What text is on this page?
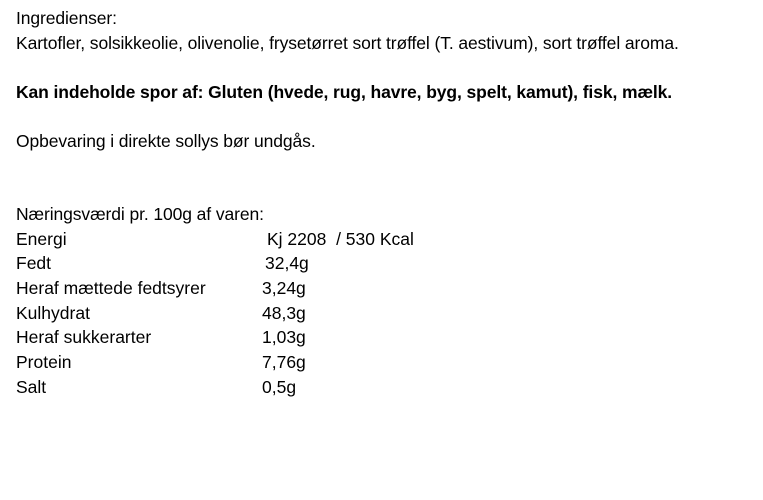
Ingredienser:
Kartofler, solsikkeolie, olivenolie, frysetørret sort trøffel (T. aestivum), sort trøffel aroma.
Kan indeholde spor af: Gluten (hvede, rug, havre, byg, spelt, kamut), fisk, mælk.
Opbevaring i direkte sollys bør undgås.
Næringsværdi pr. 100g af varen:
Energi	Kj 2208  / 530 Kcal
Fedt	32,4g
Heraf mættede fedtsyrer	3,24g
Kulhydrat	48,3g
Heraf sukkerarter	1,03g
Protein	7,76g
Salt	0,5g
